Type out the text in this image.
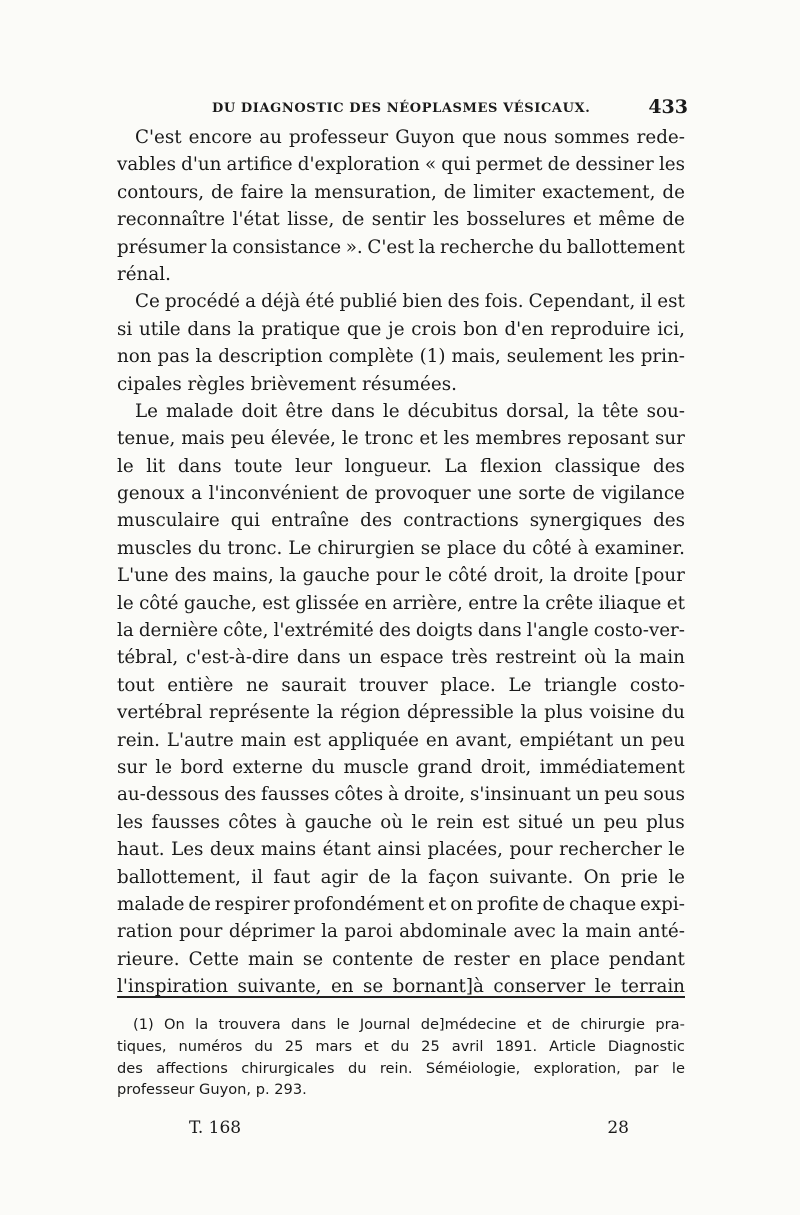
DU DIAGNOSTIC DES NÉOPLASMES VÉSICAUX.	433
C'est encore au professeur Guyon que nous sommes rede-
vables d'un artifice d'exploration « qui permet de dessiner les
contours, de faire la mensuration, de limiter exactement, de
reconnaître l'état lisse, de sentir les bosselures et même de
présumer la consistance ». C'est la recherche du ballottement
rénal.
Ce procédé a déjà été publié bien des fois. Cependant, il est
si utile dans la pratique que je crois bon d'en reproduire ici,
non pas la description complète (1) mais, seulement les prin-
cipales règles brièvement résumées.
Le malade doit être dans le décubitus dorsal, la tête sou-
tenue, mais peu élevée, le tronc et les membres reposant sur
le lit dans toute leur longueur. La flexion classique des
genoux a l'inconvénient de provoquer une sorte de vigilance
musculaire qui entraîne des contractions synergiques des
muscles du tronc. Le chirurgien se place du côté à examiner.
L'une des mains, la gauche pour le côté droit, la droite [pour
le côté gauche, est glissée en arrière, entre la crête iliaque et
la dernière côte, l'extrémité des doigts dans l'angle costo-ver-
tébral, c'est-à-dire dans un espace très restreint où la main
tout entière ne saurait trouver place. Le triangle costo-
vertébral représente la région dépressible la plus voisine du
rein. L'autre main est appliquée en avant, empiétant un peu
sur le bord externe du muscle grand droit, immédiatement
au-dessous des fausses côtes à droite, s'insinuant un peu sous
les fausses côtes à gauche où le rein est situé un peu plus
haut. Les deux mains étant ainsi placées, pour rechercher le
ballottement, il faut agir de la façon suivante. On prie le
malade de respirer profondément et on profite de chaque expi-
ration pour déprimer la paroi abdominale avec la main anté-
rieure. Cette main se contente de rester en place pendant
l'inspiration suivante, en se bornant]à conserver le terrain
(1) On la trouvera dans le Journal de]médecine et de chirurgie pra-
tiques, numéros du 25 mars et du 25 avril 1891. Article Diagnostic
des affections chirurgicales du rein. Séméiologie, exploration, par le
professeur Guyon, p. 293.
T. 168	28
